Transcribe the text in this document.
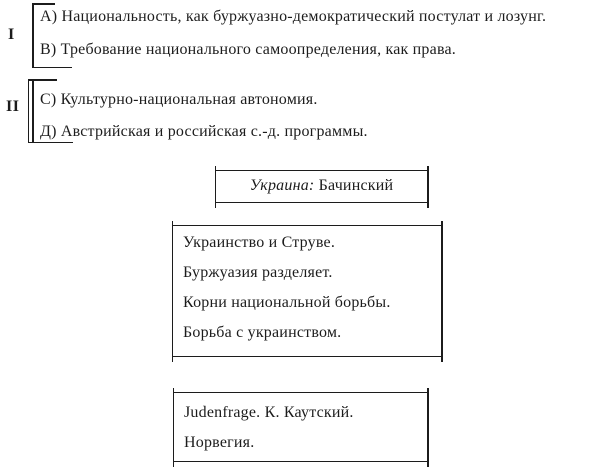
I
А) Национальность, как буржуазно-демократический постулат и лозунг.
В) Требование национального самоопределения, как права.
II С) Культурно-национальная автономия.
Д) Австрийская и российская с.-д. программы.
Украина: Бачинский
Украинство и Струве.
Буржуазия разделяет.
Корни национальной борьбы.
Борьба с украинством.
Judenfrage. К. Каутский.
Норвегия.
